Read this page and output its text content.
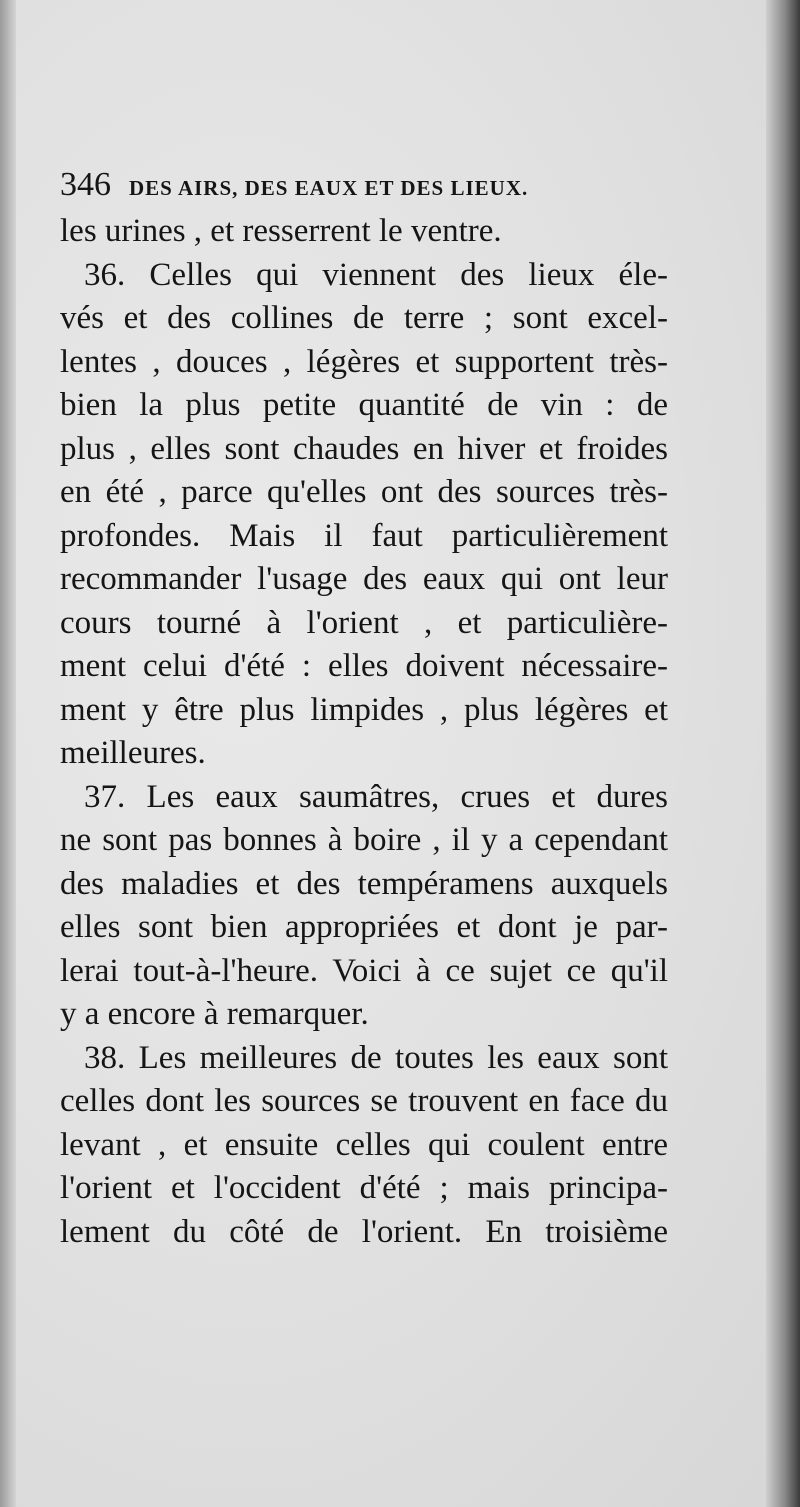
346 DES AIRS, DES EAUX ET DES LIEUX.
les urines , et resserrent le ventre.
36. Celles qui viennent des lieux éle-
vés et des collines de terre ; sont excel-
lentes , douces , légères et supportent très-
bien la plus petite quantité de vin : de
plus , elles sont chaudes en hiver et froides
en été , parce qu'elles ont des sources très-
profondes. Mais il faut particulièrement
recommander l'usage des eaux qui ont leur
cours tourné à l'orient , et particulière-
ment celui d'été : elles doivent nécessaire-
ment y être plus limpides , plus légères et
meilleures.
37. Les eaux saumâtres, crues et dures
ne sont pas bonnes à boire , il y a cependant
des maladies et des tempéramens auxquels
elles sont bien appropriées et dont je par-
lerai tout-à-l'heure. Voici à ce sujet ce qu'il
y a encore à remarquer.
38. Les meilleures de toutes les eaux sont
celles dont les sources se trouvent en face du
levant , et ensuite celles qui coulent entre
l'orient et l'occident d'été ; mais principa-
lement du côté de l'orient. En troisième
